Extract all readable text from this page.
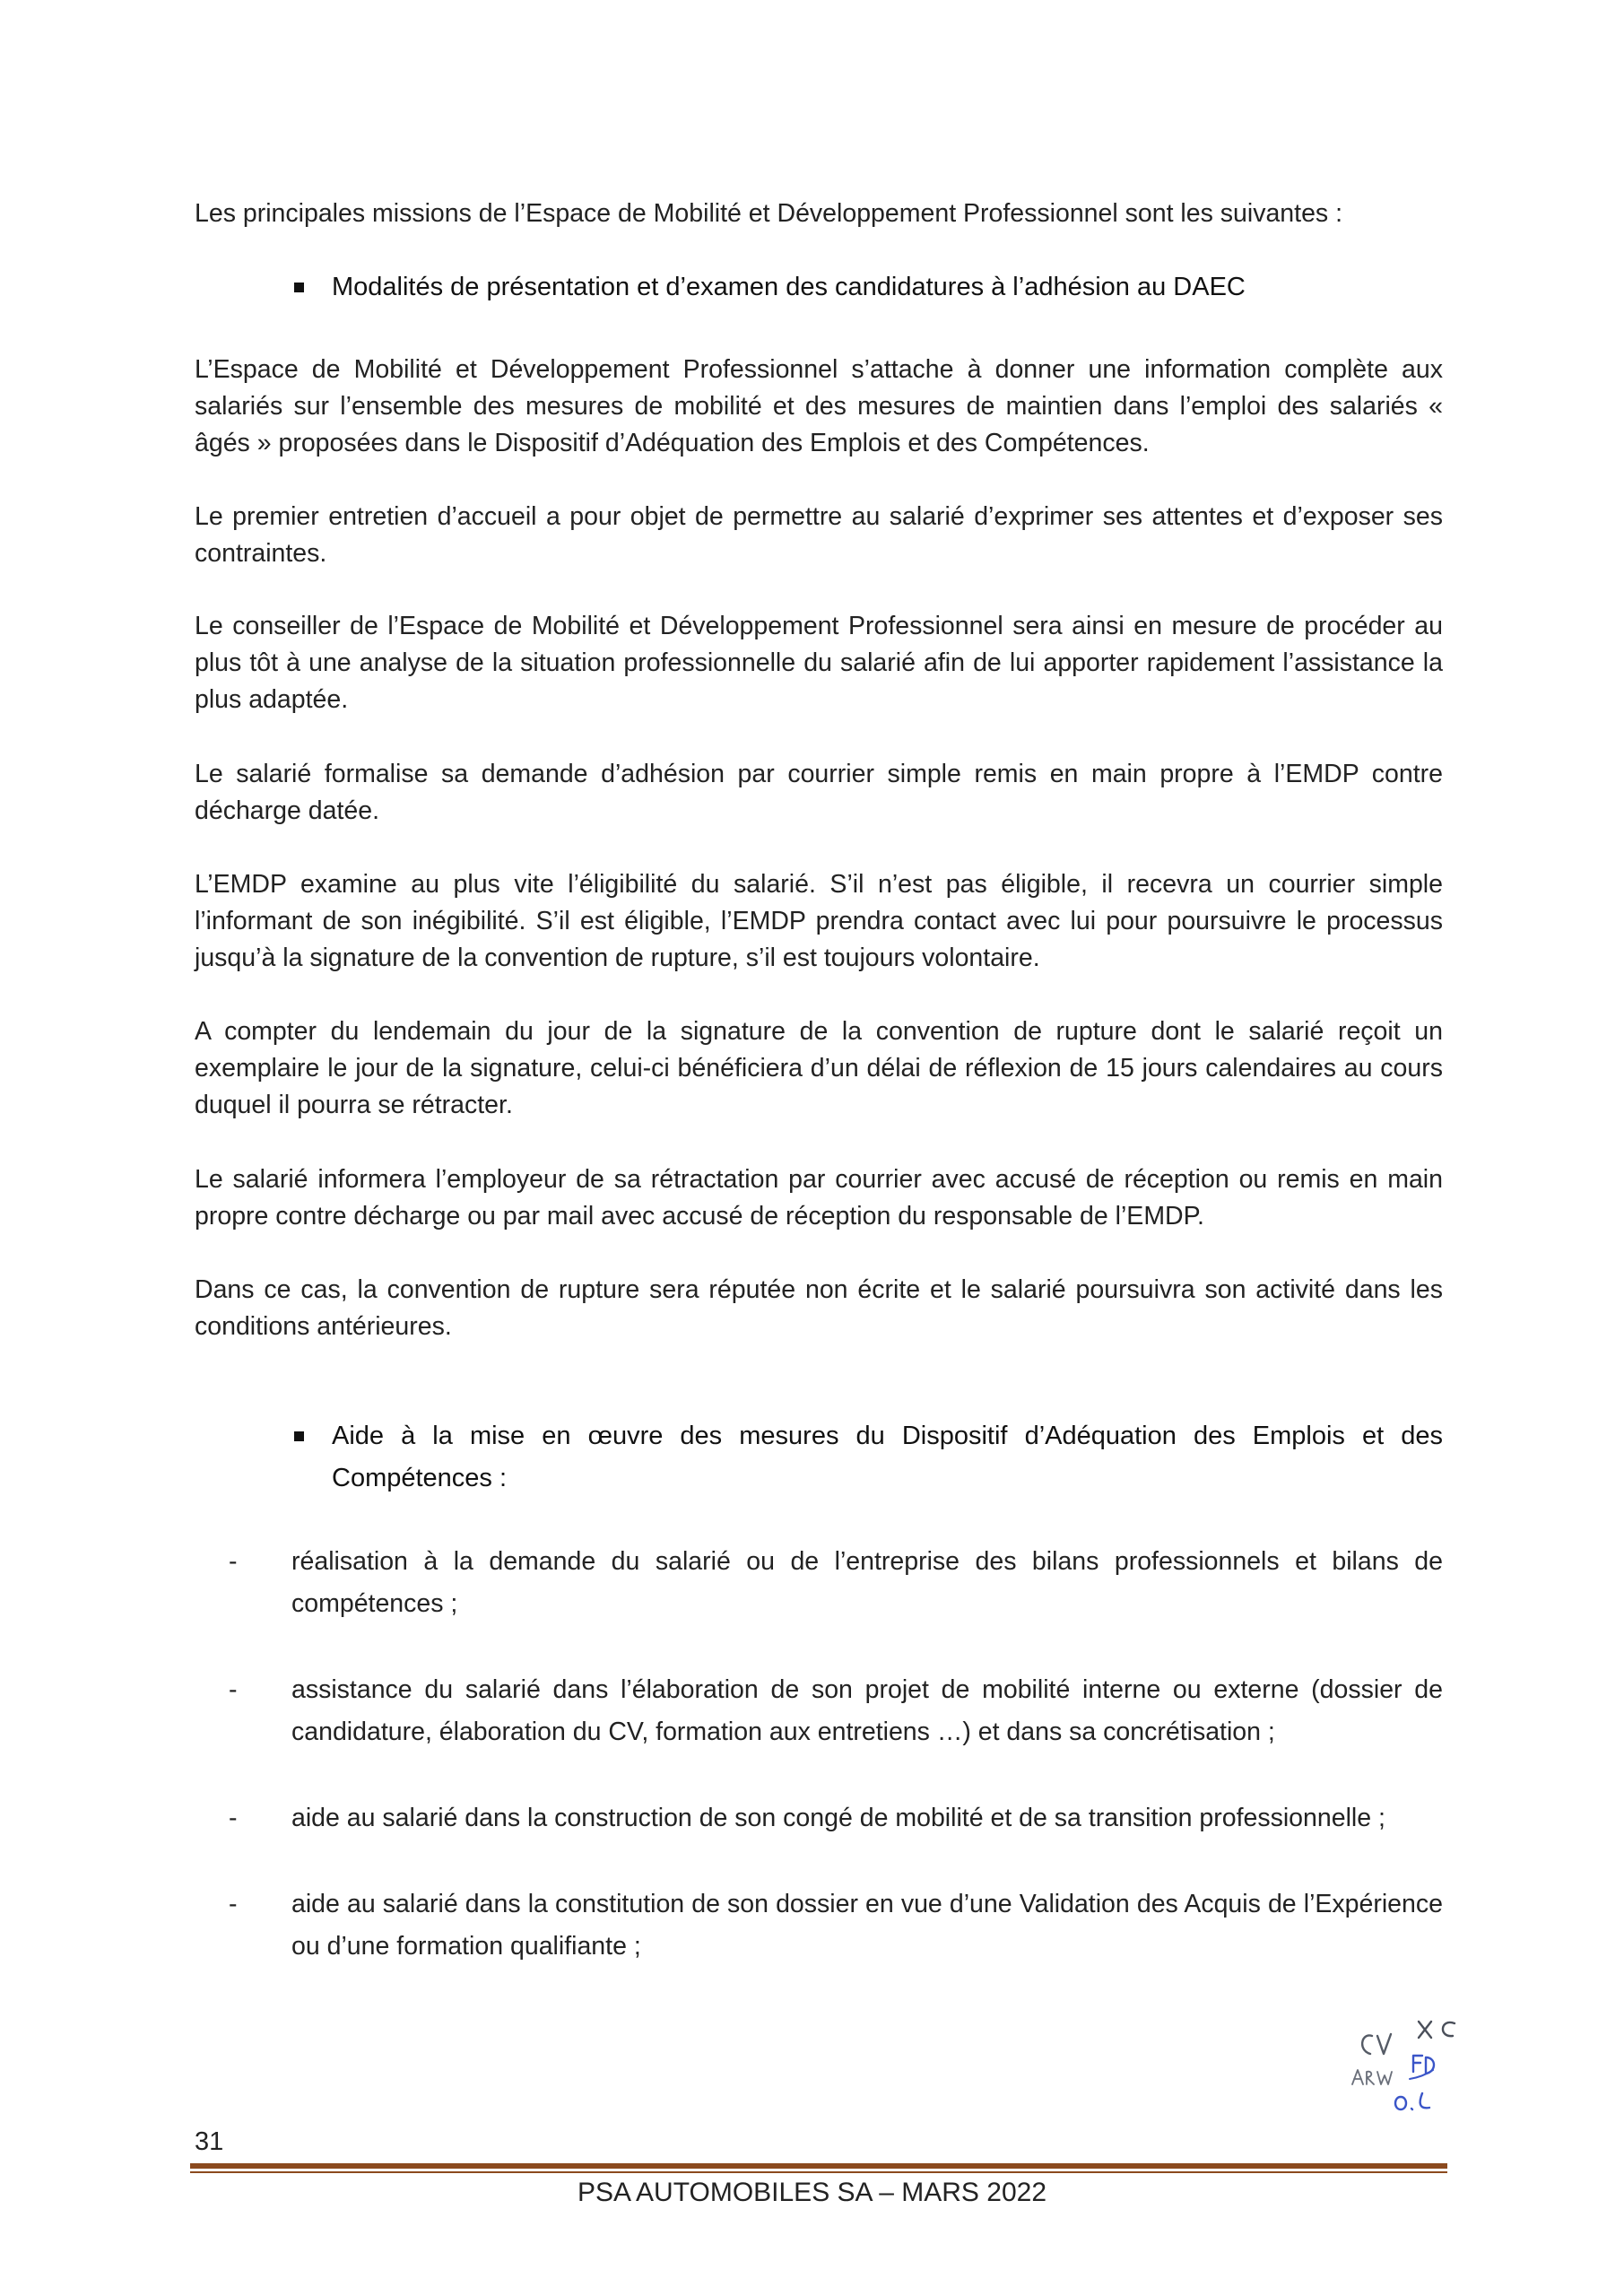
Les principales missions de l’Espace de Mobilité et Développement Professionnel sont les suivantes :

Modalités de présentation et d’examen des candidatures à l’adhésion au DAEC

L’Espace de Mobilité et Développement Professionnel s’attache à donner une information complète aux salariés sur l’ensemble des mesures de mobilité et des mesures de maintien dans l’emploi des salariés « âgés » proposées dans le Dispositif d’Adéquation des Emplois et des Compétences.

Le premier entretien d’accueil a pour objet de permettre au salarié d’exprimer ses attentes et d’exposer ses contraintes.

Le conseiller de l’Espace de Mobilité et Développement Professionnel sera ainsi en mesure de procéder au plus tôt à une analyse de la situation professionnelle du salarié afin de lui apporter rapidement l’assistance la plus adaptée.

Le salarié formalise sa demande d’adhésion par courrier simple remis en main propre à l’EMDP contre décharge datée.

L’EMDP examine au plus vite l’éligibilité du salarié. S’il n’est pas éligible, il recevra un courrier simple l’informant de son inégibilité. S’il est éligible, l’EMDP prendra contact avec lui pour poursuivre le processus jusqu’à la signature de la convention de rupture, s’il est toujours volontaire.

A compter du lendemain du jour de la signature de la convention de rupture dont le salarié reçoit un exemplaire le jour de la signature, celui-ci bénéficiera d’un délai de réflexion de 15 jours calendaires au cours duquel il pourra se rétracter.

Le salarié informera l’employeur de sa rétractation par courrier avec accusé de réception ou remis en main propre contre décharge ou par mail avec accusé de réception du responsable de l’EMDP.

Dans ce cas, la convention de rupture sera réputée non écrite et le salarié poursuivra son activité dans les conditions antérieures.

Aide à la mise en œuvre des mesures du Dispositif d’Adéquation des Emplois et des Compétences :
- réalisation à la demande du salarié ou de l’entreprise des bilans professionnels et bilans de compétences ;
- assistance du salarié dans l’élaboration de son projet de mobilité interne ou externe (dossier de candidature, élaboration du CV, formation aux entretiens …) et dans sa concrétisation ;
- aide au salarié dans la construction de son congé de mobilité et de sa transition professionnelle ;
- aide au salarié dans la constitution de son dossier en vue d’une Validation des Acquis de l’Expérience ou d’une formation qualifiante ;
31
PSA AUTOMOBILES SA – MARS 2022
